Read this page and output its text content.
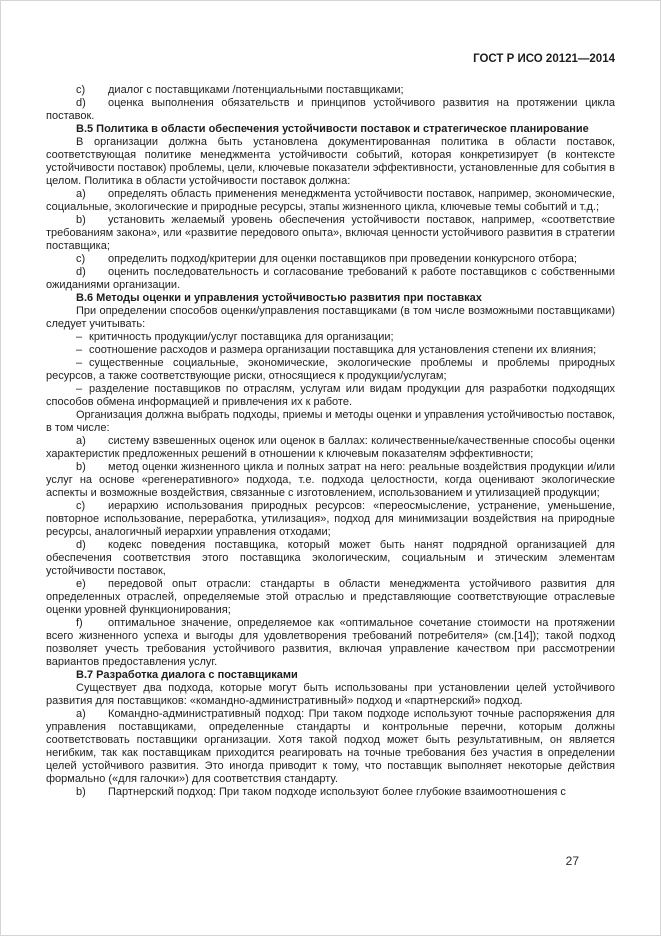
ГОСТ Р ИСО 20121—2014

c) диалог с поставщиками /потенциальными поставщиками;

d) оценка выполнения обязательств и принципов устойчивого развития на протяжении цикла поставок.

В.5 Политика в области обеспечения устойчивости поставок и стратегическое планирование

В организации должна быть установлена документированная политика в области поставок, соответствующая политике менеджмента устойчивости событий, которая конкретизирует (в контексте устойчивости поставок) проблемы, цели, ключевые показатели эффективности, установленные для события в целом. Политика в области устойчивости поставок должна:

a) определять область применения менеджмента устойчивости поставок, например, экономические, социальные, экологические и природные ресурсы, этапы жизненного цикла, ключевые темы событий и т.д.;

b) установить желаемый уровень обеспечения устойчивости поставок, например, «соответствие требованиям закона», или «развитие передового опыта», включая ценности устойчивого развития в стратегии поставщика;

c) определить подход/критерии для оценки поставщиков при проведении конкурсного отбора;

d) оценить последовательность и согласование требований к работе поставщиков с собственными ожиданиями организации.

В.6 Методы оценки и управления устойчивостью развития при поставках

При определении способов оценки/управления поставщиками (в том числе возможными поставщиками) следует учитывать:

– критичность продукции/услуг поставщика для организации;

– соотношение расходов и размера организации поставщика для установления степени их влияния;

– существенные социальные, экономические, экологические проблемы и проблемы природных ресурсов, а также соответствующие риски, относящиеся к продукции/услугам;

– разделение поставщиков по отраслям, услугам или видам продукции для разработки подходящих способов обмена информацией и привлечения их к работе.

Организация должна выбрать подходы, приемы и методы оценки и управления устойчивостью поставок, в том числе:

a) систему взвешенных оценок или оценок в баллах: количественные/качественные способы оценки характеристик предложенных решений в отношении к ключевым показателям эффективности;

b) метод оценки жизненного цикла и полных затрат на него: реальные воздействия продукции и/или услуг на основе «регенеративного» подхода, т.е. подхода целостности, когда оценивают экологические аспекты и возможные воздействия, связанные с изготовлением, использованием и утилизацией продукции;

c) иерархию использования природных ресурсов: «переосмысление, устранение, уменьшение, повторное использование, переработка, утилизация», подход для минимизации воздействия на природные ресурсы, аналогичный иерархии управления отходами;

d) кодекс поведения поставщика, который может быть нанят подрядной организацией для обеспечения соответствия этого поставщика экологическим, социальным и этическим элементам устойчивости поставок,

e) передовой опыт отрасли: стандарты в области менеджмента устойчивого развития для определенных отраслей, определяемые этой отраслью и представляющие соответствующие отраслевые оценки уровней функционирования;

f) оптимальное значение, определяемое как «оптимальное сочетание стоимости на протяжении всего жизненного успеха и выгоды для удовлетворения требований потребителя» (см.[14]); такой подход позволяет учесть требования устойчивого развития, включая управление качеством при рассмотрении вариантов предоставления услуг.

В.7 Разработка диалога с поставщиками

Существует два подхода, которые могут быть использованы при установлении целей устойчивого развития для поставщиков: «командно-административный» подход и «партнерский» подход.

a) Командно-административный подход: При таком подходе используют точные распоряжения для управления поставщиками, определенные стандарты и контрольные перечни, которым должны соответствовать поставщики организации. Хотя такой подход может быть результативным, он является негибким, так как поставщикам приходится реагировать на точные требования без участия в определении целей устойчивого развития. Это иногда приводит к тому, что поставщик выполняет некоторые действия формально («для галочки») для соответствия стандарту.

b) Партнерский подход: При таком подходе используют более глубокие взаимоотношения с

27
